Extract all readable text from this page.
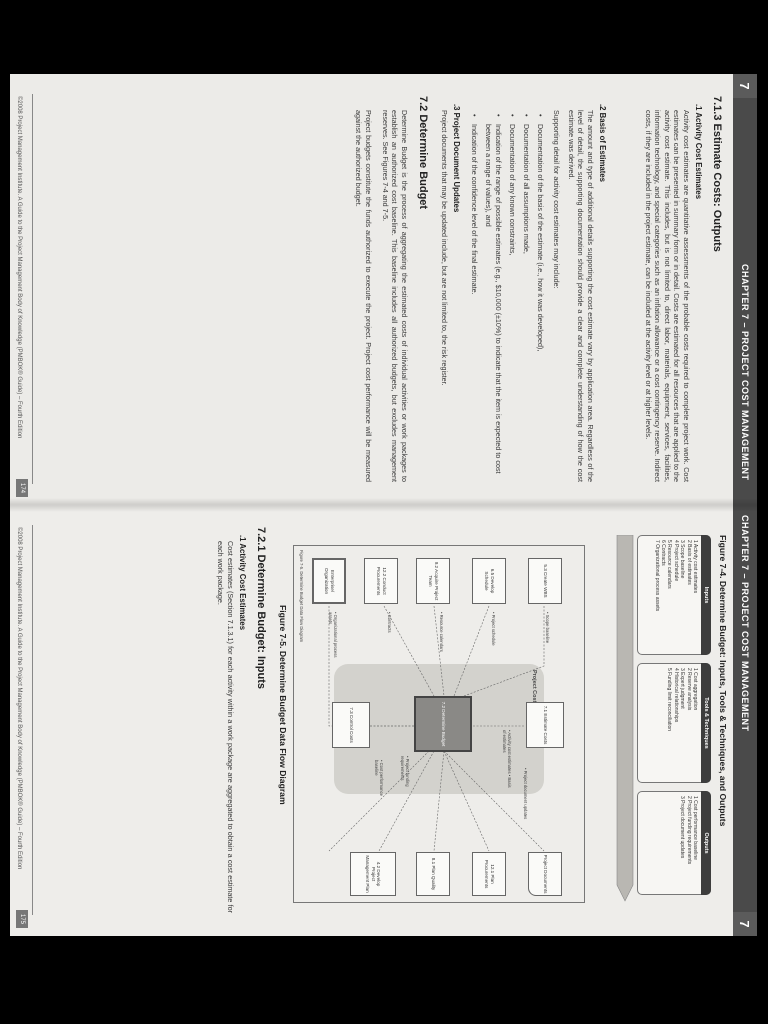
CHAPTER 7 – PROJECT COST MANAGEMENT
7
7.1.3 Estimate Costs: Outputs
.1 Activity Cost Estimates
Activity cost estimates are quantitative assessments of the probable costs required to complete project work. Cost estimates can be presented in summary form or in detail. Costs are estimated for all resources that are applied to the activity cost estimate. This includes, but is not limited to, direct labor, materials, equipment, services, facilities, information technology, and special categories such as an inflation allowance or a cost contingency reserve. Indirect costs, if they are included in the project estimate, can be included at the activity level or at higher levels.
.2 Basis of Estimates
The amount and type of additional details supporting the cost estimate vary by application area. Regardless of the level of detail, the supporting documentation should provide a clear and complete understanding of how the cost estimate was derived.
Supporting detail for activity cost estimates may include:
• Documentation of the basis of the estimate (i.e., how it was developed),
• Documentation of all assumptions made,
• Documentation of any known constraints,
• Indication of the range of possible estimates (e.g., $10,000 (±10%) to indicate that the item is expected to cost between a range of values), and
• Indication of the confidence level of the final estimate.
.3 Project Document Updates
Project documents that may be updated include, but are not limited to, the risk register.
7.2 Determine Budget
Determine Budget is the process of aggregating the estimated costs of individual activities or work packages to establish an authorized cost baseline. This baseline includes all authorized budgets, but excludes management reserves. See Figures 7-4 and 7-5.
Project budgets constitute the funds authorized to execute the project. Project cost performance will be measured against the authorized budget.
©2008 Project Management Institute. A Guide to the Project Management Body of Knowledge (PMBOK® Guide) – Fourth Edition
174
CHAPTER 7 – PROJECT COST MANAGEMENT
7
Figure 7-4. Determine Budget: Inputs, Tools & Techniques, and Outputs
Inputs
1 Activity cost estimates
2 Basis of estimates
3 Scope baseline
4 Project schedule
5 Resource calendars
6 Contracts
7 Organizational process assets
Tools & Techniques
1 Cost aggregation
2 Reserve analysis
3 Expert judgment
4 Historical relationships
5 Funding limit reconciliation
Outputs
1 Cost performance baseline
2 Project funding requirements
3 Project document updates
5.3 Create WBS
6.5 Develop Schedule
9.2 Acquire Project Team
12.2 Conduct Procurements
Enterprise/ Organization
7.1 Estimate Costs
7.2 Determine Budget
7.3 Control Costs
Project Documents
12.1 Plan Procurements
8.1 Plan Quality
4.2 Develop Project Management Plan
• Scope baseline
• Project schedule
• Resource calendars
• Contracts
• Organizational process assets
• Activity cost estimates • Basis of estimates
• Project document updates
• Project funding requirements
• Cost performance baseline
Figure 7-5. Determine Budget Data Flow Diagram
Figure 7-5. Determine Budget Data Flow Diagram
7.2.1 Determine Budget: Inputs
.1 Activity Cost Estimates
Cost estimates (Section 7.1.3.1) for each activity within a work package are aggregated to obtain a cost estimate for each work package.
©2008 Project Management Institute. A Guide to the Project Management Body of Knowledge (PMBOK® Guide) – Fourth Edition
175
